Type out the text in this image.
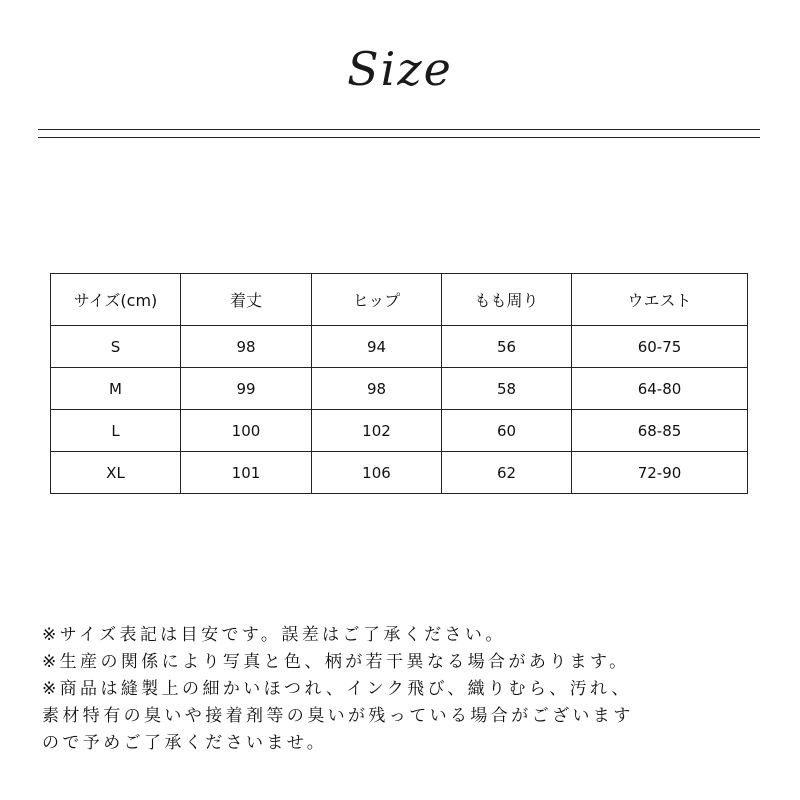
Size
サイズ(cm)	着丈	ヒップ	もも周り	ウエスト
S	98	94	56	60-75
M	99	98	58	64-80
L	100	102	60	68-85
XL	101	106	62	72-90
※サイズ表記は目安です。誤差はご了承ください。
※生産の関係により写真と色、柄が若干異なる場合があります。
※商品は縫製上の細かいほつれ、インク飛び、織りむら、汚れ、
素材特有の臭いや接着剤等の臭いが残っている場合がございます
ので予めご了承くださいませ。
